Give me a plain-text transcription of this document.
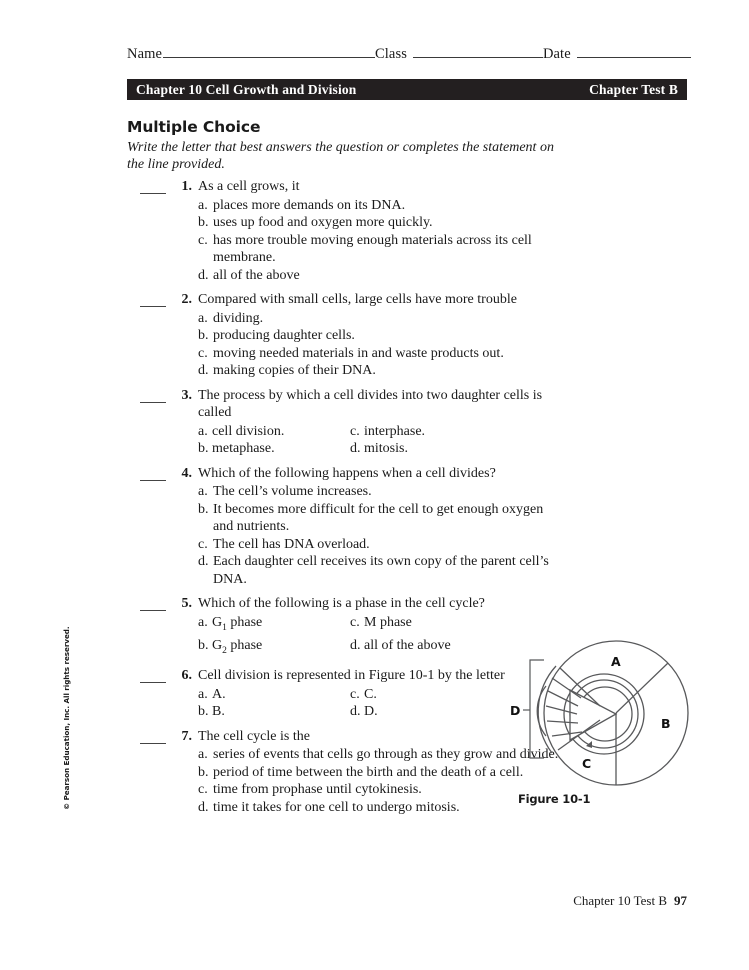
Name	Class	Date
Chapter 10 Cell Growth and Division	Chapter Test B
Multiple Choice
Write the letter that best answers the question or completes the statement on the line provided.
1. As a cell grows, it
a. places more demands on its DNA.
b. uses up food and oxygen more quickly.
c. has more trouble moving enough materials across its cell membrane.
d. all of the above
2. Compared with small cells, large cells have more trouble
a. dividing.
b. producing daughter cells.
c. moving needed materials in and waste products out.
d. making copies of their DNA.
3. The process by which a cell divides into two daughter cells is called
a. cell division.	c. interphase.
b. metaphase.	d. mitosis.
4. Which of the following happens when a cell divides?
a. The cell’s volume increases.
b. It becomes more difficult for the cell to get enough oxygen and nutrients.
c. The cell has DNA overload.
d. Each daughter cell receives its own copy of the parent cell’s DNA.
5. Which of the following is a phase in the cell cycle?
a. $G_1$ phase	c. M phase
b. $G_2$ phase	d. all of the above
6. Cell division is represented in Figure 10-1 by the letter
a. A.	c. C.
b. B.	d. D.
7. The cell cycle is the
a. series of events that cells go through as they grow and divide.
b. period of time between the birth and the death of a cell.
c. time from prophase until cytokinesis.
d. time it takes for one cell to undergo mitosis.
A
B
C
D
Figure 10-1
© Pearson Education, Inc. All rights reserved.
Chapter 10 Test B 97
